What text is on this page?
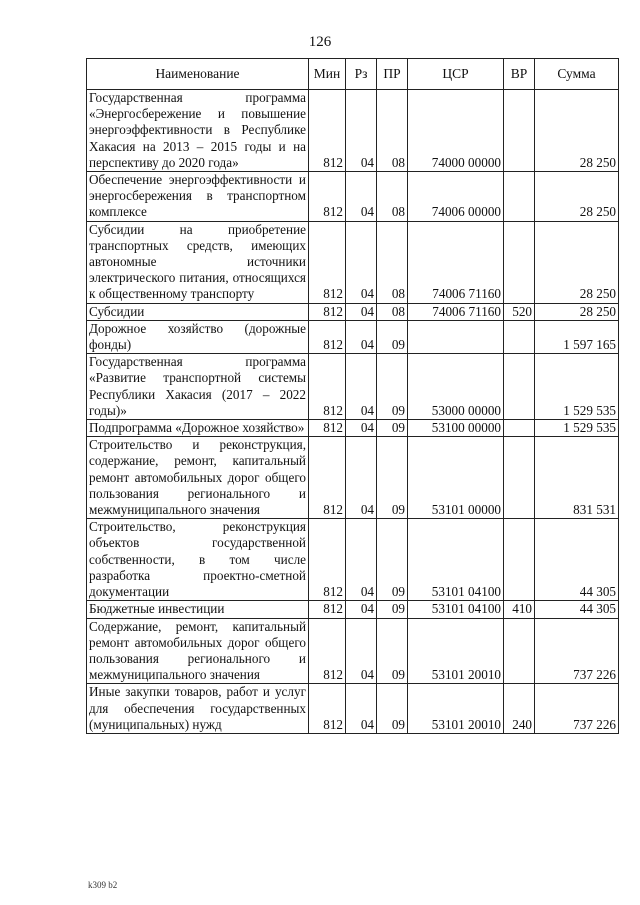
126
Наименование	Мин	Рз	ПР	ЦСР	ВР	Сумма
Государственная программа «Энергосбережение и повышение энергоэффективности в Республике Хакасия на 2013 – 2015 годы и на перспективу до 2020 года»	812	04	08	74000 00000		28 250
Обеспечение энергоэффективности и энергосбережения в транспортном комплексе	812	04	08	74006 00000		28 250
Субсидии на приобретение транспортных средств, имеющих автономные источники электрического питания, относящихся к общественному транспорту	812	04	08	74006 71160		28 250
Субсидии	812	04	08	74006 71160	520	28 250
Дорожное хозяйство (дорожные фонды)	812	04	09			1 597 165
Государственная программа «Развитие транспортной системы Республики Хакасия (2017 – 2022 годы)»	812	04	09	53000 00000		1 529 535
Подпрограмма «Дорожное хозяйство»	812	04	09	53100 00000		1 529 535
Строительство и реконструкция, содержание, ремонт, капитальный ремонт автомобильных дорог общего пользования регионального и межмуниципального значения	812	04	09	53101 00000		831 531
Строительство, реконструкция объектов государственной собственности, в том числе разработка проектно-сметной документации	812	04	09	53101 04100		44 305
Бюджетные инвестиции	812	04	09	53101 04100	410	44 305
Содержание, ремонт, капитальный ремонт автомобильных дорог общего пользования регионального и межмуниципального значения	812	04	09	53101 20010		737 226
Иные закупки товаров, работ и услуг для обеспечения государственных (муниципальных) нужд	812	04	09	53101 20010	240	737 226
k309 b2
